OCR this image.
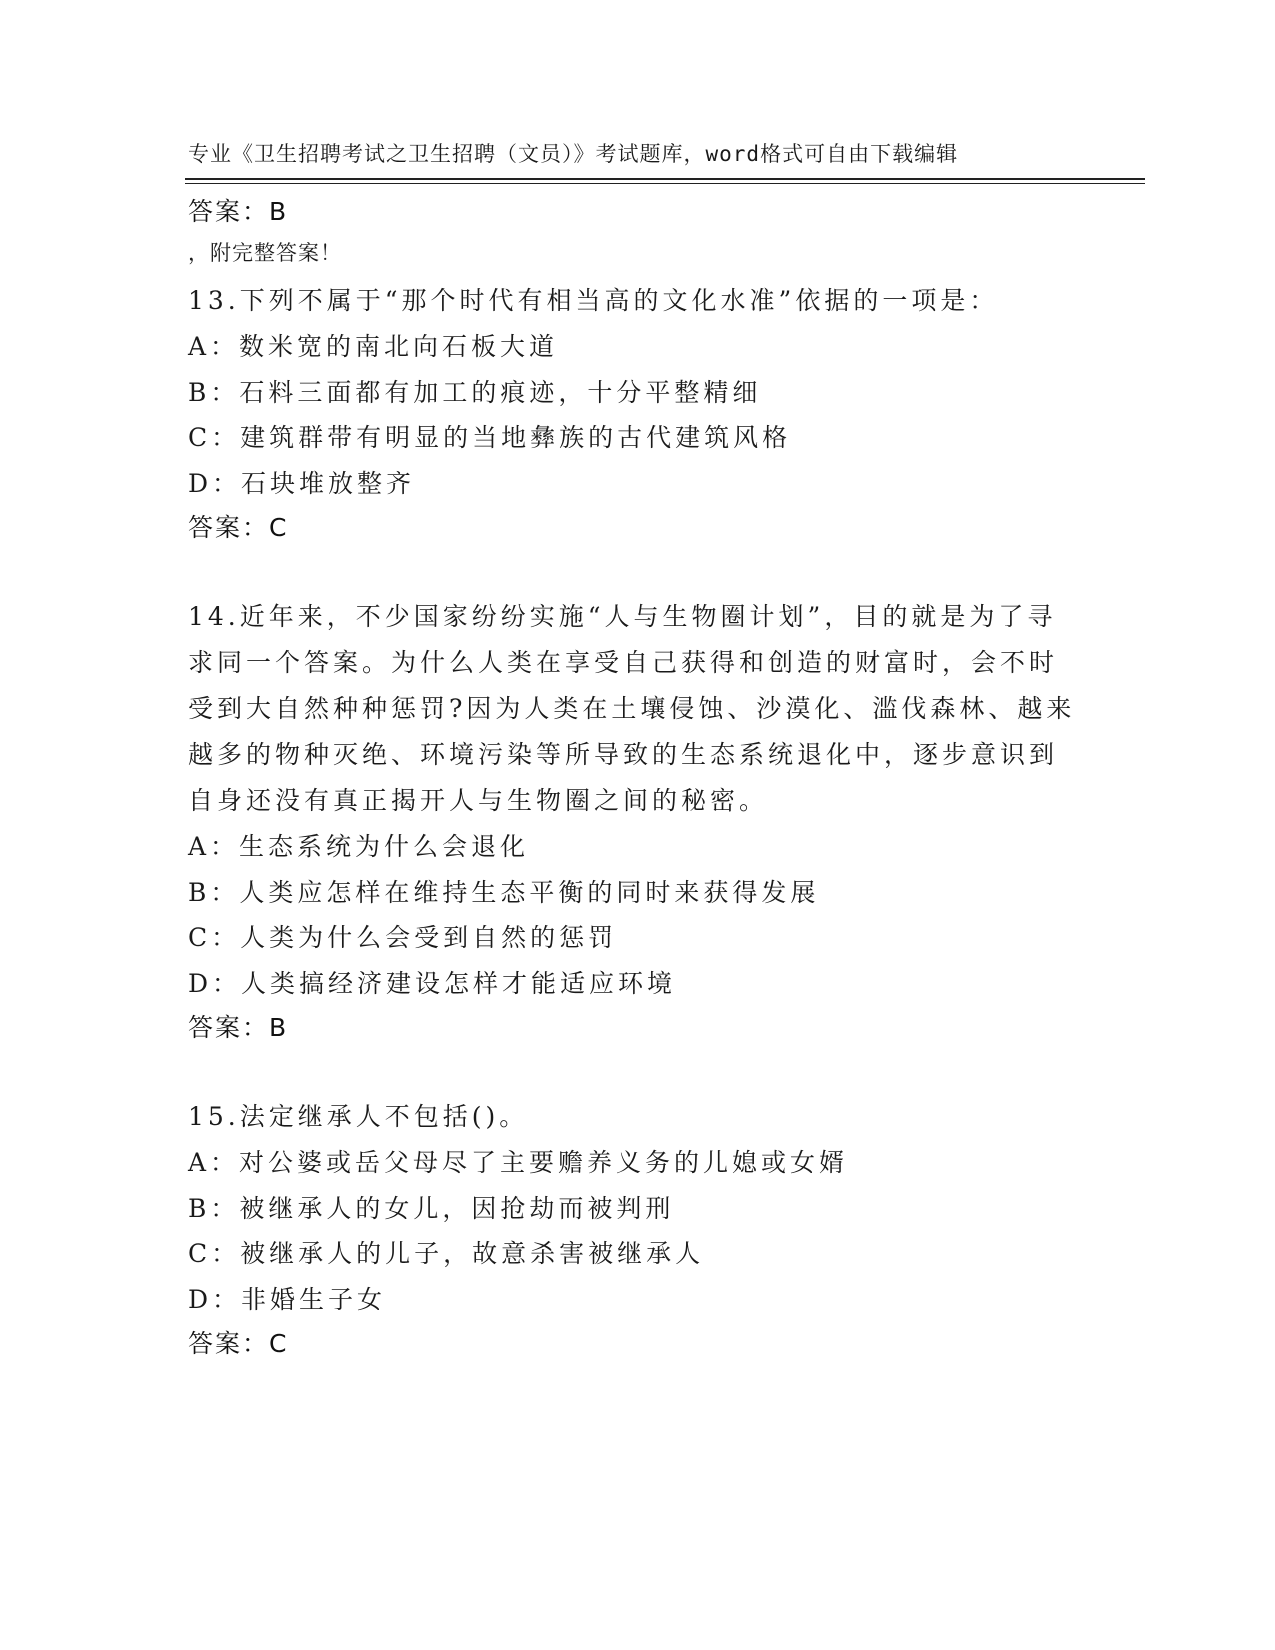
专业《卫生招聘考试之卫生招聘（文员）》考试题库，word格式可自由下载编辑

，附完整答案！

答案：B

13.下列不属于“那个时代有相当高的文化水准”依据的一项是：

A：数米宽的南北向石板大道

B：石料三面都有加工的痕迹，十分平整精细

C：建筑群带有明显的当地彝族的古代建筑风格

D：石块堆放整齐

答案：C

14.近年来，不少国家纷纷实施“人与生物圈计划”，目的就是为了寻

求同一个答案。为什么人类在享受自己获得和创造的财富时，会不时

受到大自然种种惩罚?因为人类在土壤侵蚀、沙漠化、滥伐森林、越来

越多的物种灭绝、环境污染等所导致的生态系统退化中，逐步意识到

自身还没有真正揭开人与生物圈之间的秘密。

A：生态系统为什么会退化

B：人类应怎样在维持生态平衡的同时来获得发展

C：人类为什么会受到自然的惩罚

D：人类搞经济建设怎样才能适应环境

答案：B

15.法定继承人不包括()。

A：对公婆或岳父母尽了主要赡养义务的儿媳或女婿

B：被继承人的女儿，因抢劫而被判刑

C：被继承人的儿子，故意杀害被继承人

D：非婚生子女

答案：C
